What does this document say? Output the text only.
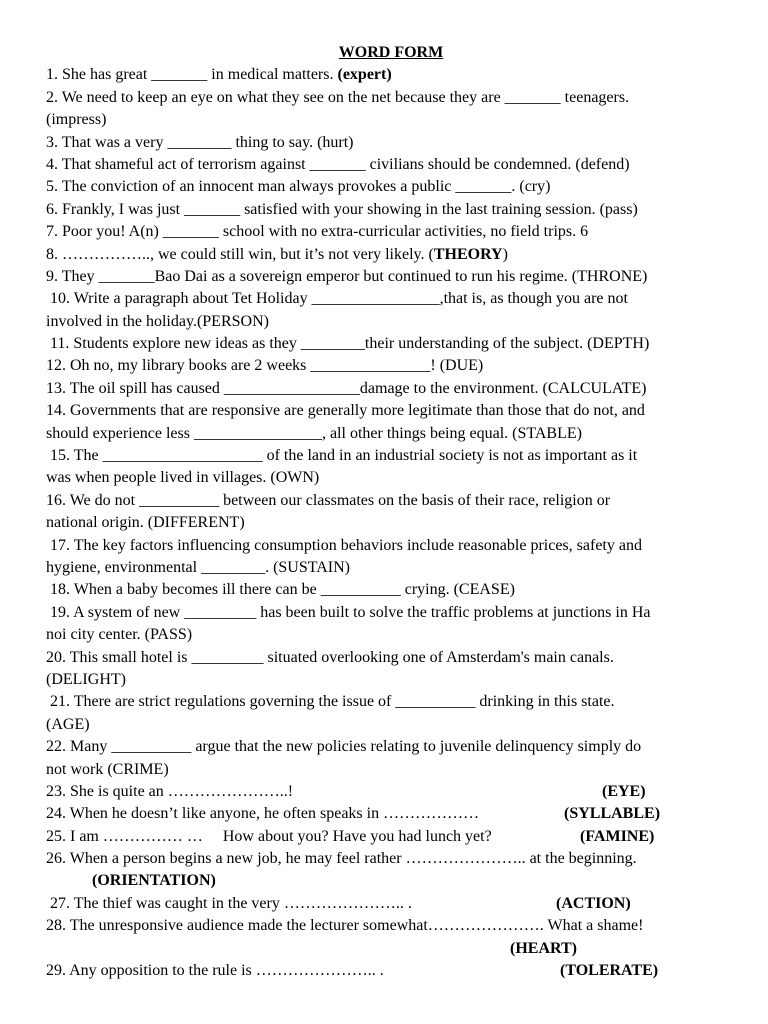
WORD FORM

1. She has great _______ in medical matters. (expert)

2. We need to keep an eye on what they see on the net because they are _______ teenagers.

(impress)

3. That was a very ________ thing to say. (hurt)

4. That shameful act of terrorism against _______ civilians should be condemned. (defend)

5. The conviction of an innocent man always provokes a public _______. (cry)

6. Frankly, I was just _______ satisfied with your showing in the last training session. (pass)

7. Poor you! A(n) _______ school with no extra-curricular activities, no field trips. 6

8. …………….., we could still win, but it’s not very likely. (THEORY)

9. They _______Bao Dai as a sovereign emperor but continued to run his regime. (THRONE)

10. Write a paragraph about Tet Holiday ________________,that is, as though you are not

involved in the holiday.(PERSON)

11. Students explore new ideas as they ________their understanding of the subject. (DEPTH)

12. Oh no, my library books are 2 weeks _______________! (DUE)

13. The oil spill has caused _________________damage to the environment. (CALCULATE)

14. Governments that are responsive are generally more legitimate than those that do not, and

should experience less ________________, all other things being equal. (STABLE)

15. The ____________________ of the land in an industrial society is not as important as it

was when people lived in villages. (OWN)

16. We do not __________ between our classmates on the basis of their race, religion or

national origin. (DIFFERENT)

17. The key factors influencing consumption behaviors include reasonable prices, safety and

hygiene, environmental ________. (SUSTAIN)

18. When a baby becomes ill there can be __________ crying. (CEASE)

19. A system of new _________ has been built to solve the traffic problems at junctions in Ha

noi city center. (PASS)

20. This small hotel is _________ situated overlooking one of Amsterdam's main canals.

(DELIGHT)

21. There are strict regulations governing the issue of __________ drinking in this state.

(AGE)

22. Many __________ argue that the new policies relating to juvenile delinquency simply do

not work (CRIME)

23. She is quite an …………………..!	(EYE)

24. When he doesn’t like anyone, he often speaks in ………………	(SYLLABLE)

25. I am …………… …     How about you? Have you had lunch yet?	(FAMINE)

26. When a person begins a new job, he may feel rather ………………….. at the beginning.

(ORIENTATION)

27. The thief was caught in the very ………………….. .	(ACTION)

28. The unresponsive audience made the lecturer somewhat…………………. What a shame!

(HEART)

29. Any opposition to the rule is ………………….. .	(TOLERATE)
